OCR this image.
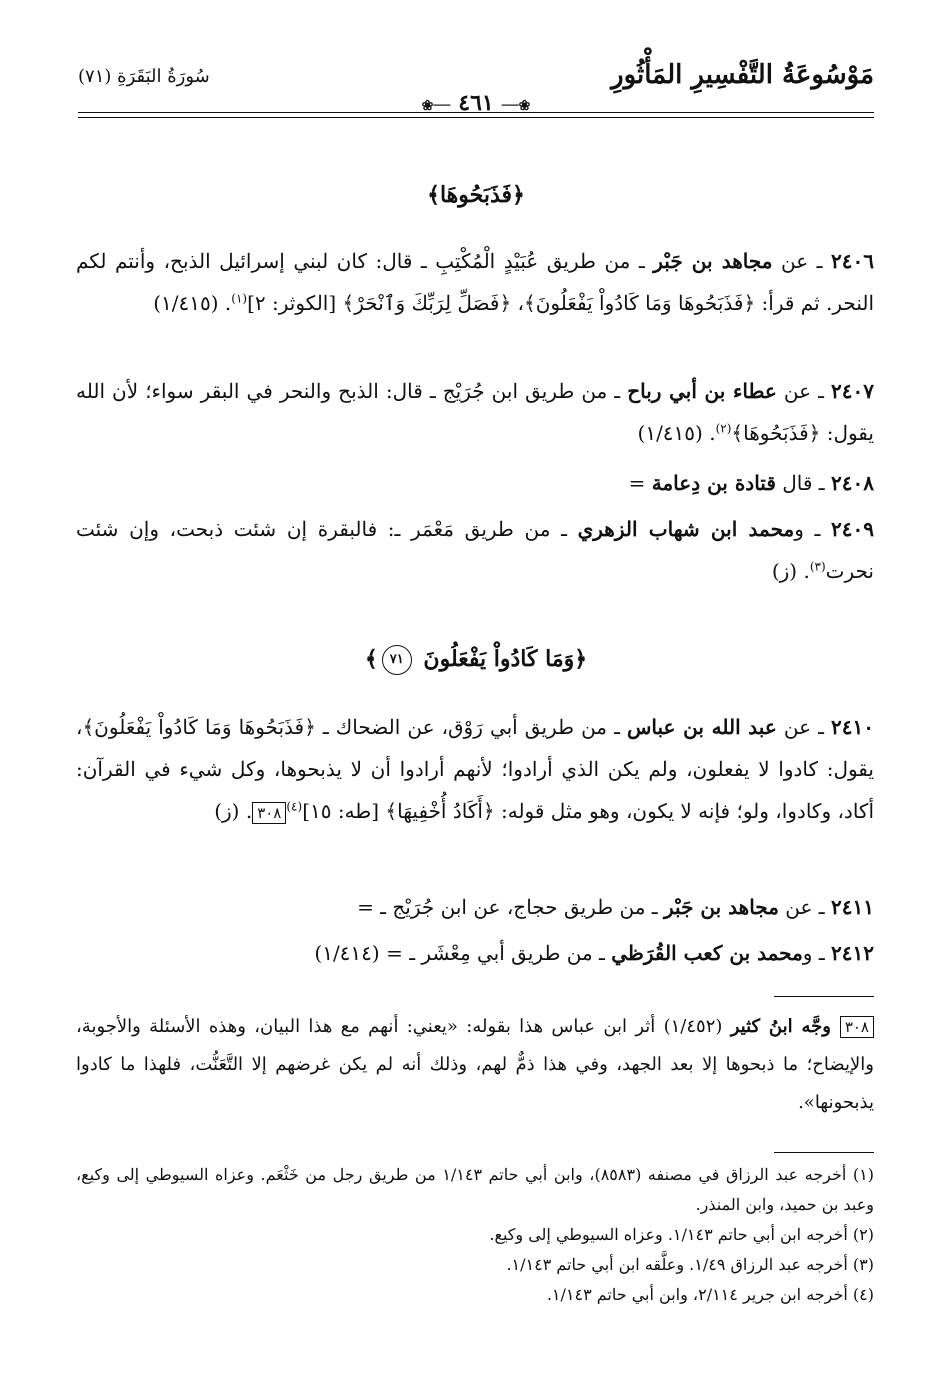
مَوْسُوعَةُ التَّفْسِيرِ المَأْثُورِ
سُورَةُ البَقَرَةِ (٧١)
❀──٤٦١──❀
﴿فَذَبَحُوهَا﴾
٢٤٠٦ ـ عن مجاهد بن جَبْر ـ من طريق عُبَيْدٍ الْمُكْتِبِ ـ قال: كان لبني إسرائيل الذبح، وأنتم لكم النحر. ثم قرأ: ﴿فَذَبَحُوهَا وَمَا كَادُواْ يَفْعَلُونَ﴾، ﴿فَصَلِّ لِرَبِّكَ وَٱنْحَرْ﴾ [الكوثر: ٢]$^{(١)}$. (١/٤١٥)
٢٤٠٧ ـ عن عطاء بن أبي رباح ـ من طريق ابن جُرَيْج ـ قال: الذبح والنحر في البقر سواء؛ لأن الله يقول: ﴿فَذَبَحُوهَا﴾$^{(٢)}$. (١/٤١٥)
٢٤٠٨ ـ قال قتادة بن دِعامة =
٢٤٠٩ ـ ومحمد ابن شهاب الزهري ـ من طريق مَعْمَر ـ: فالبقرة إن شئت ذبحت، وإن شئت نحرت$^{(٣)}$. (ز)
﴿وَمَا كَادُواْ يَفْعَلُونَ ٧١﴾
٢٤١٠ ـ عن عبد الله بن عباس ـ من طريق أبي رَوْق، عن الضحاك ـ ﴿فَذَبَحُوهَا وَمَا كَادُواْ يَفْعَلُونَ﴾، يقول: كادوا لا يفعلون، ولم يكن الذي أرادوا؛ لأنهم أرادوا أن لا يذبحوها، وكل شيء في القرآن: أكاد، وكادوا، ولو؛ فإنه لا يكون، وهو مثل قوله: ﴿أَكَادُ أُخْفِيهَا﴾ [طه: ١٥]$^{(٤)}$٣٠٨. (ز)
٢٤١١ ـ عن مجاهد بن جَبْر ـ من طريق حجاج، عن ابن جُرَيْج ـ =
٢٤١٢ ـ ومحمد بن كعب القُرَظي ـ من طريق أبي مِعْشَر ـ = (١/٤١٤)
٣٠٨ وجَّه ابنُ كثير (١/٤٥٢) أثر ابن عباس هذا بقوله: «يعني: أنهم مع هذا البيان، وهذه الأسئلة والأجوبة، والإيضاح؛ ما ذبحوها إلا بعد الجهد، وفي هذا ذمٌّ لهم، وذلك أنه لم يكن غرضهم إلا التَّعَنُّت، فلهذا ما كادوا يذبحونها».
(١) أخرجه عبد الرزاق في مصنفه (٨٥٨٣)، وابن أبي حاتم ١/١٤٣ من طريق رجل من خَثْعَم. وعزاه السيوطي إلى وكيع، وعبد بن حميد، وابن المنذر.
(٢) أخرجه ابن أبي حاتم ١/١٤٣. وعزاه السيوطي إلى وكيع.
(٣) أخرجه عبد الرزاق ١/٤٩. وعلَّقه ابن أبي حاتم ١/١٤٣.
(٤) أخرجه ابن جرير ٢/١١٤، وابن أبي حاتم ١/١٤٣.
